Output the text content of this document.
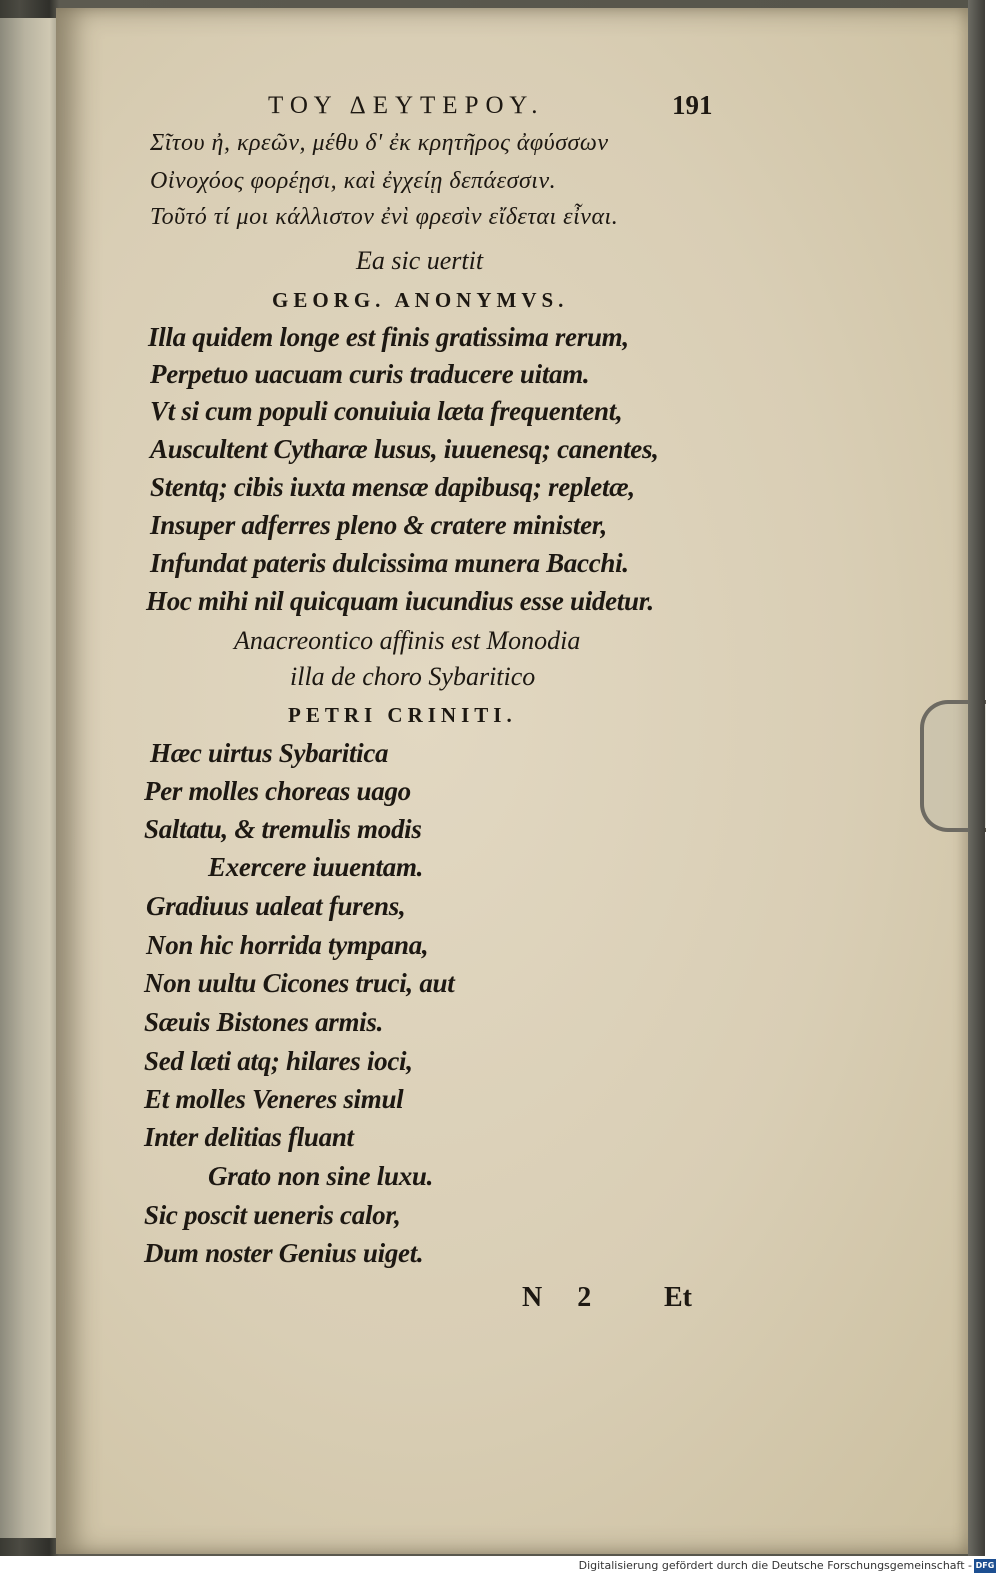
ΤΟΥ ΔΕΥΤΕΡΟΥ.	191
Σῖτου ἠ, κρεῶν, μέθυ δ' ἐκ κρητῆρος ἀφύσσων
Οἰνοχόος φορέῃσι, καὶ ἐγχείῃ δεπάεσσιν.
Τοῦτό τί μοι κάλλιστον ἐνὶ φρεσὶν εἴδεται εἶναι.
Ea sic uertit
GEORG. ANONYMVS.
Illa quidem longe est finis gratissima rerum,
Perpetuo uacuam curis traducere uitam.
Vt si cum populi conuiuia læta frequentent,
Auscultent Cytharæ lusus, iuuenesq; canentes,
Stentq; cibis iuxta mensæ dapibusq; repletæ,
Insuper adferres pleno & cratere minister,
Infundat pateris dulcissima munera Bacchi.
Hoc mihi nil quicquam iucundius esse uidetur.
Anacreontico affinis est Monodia
illa de choro Sybaritico
PETRI CRINITI.
Hæc uirtus Sybaritica
Per molles choreas uago
Saltatu, & tremulis modis
Exercere iuuentam.
Gradiuus ualeat furens,
Non hic horrida tympana,
Non uultu Cicones truci, aut
Sæuis Bistones armis.
Sed læti atq; hilares ioci,
Et molles Veneres simul
Inter delitias fluant
Grato non sine luxu.
Sic poscit ueneris calor,
Dum noster Genius uiget.
N 2 Et
Digitalisierung gefördert durch die Deutsche Forschungsgemeinschaft - DFG
